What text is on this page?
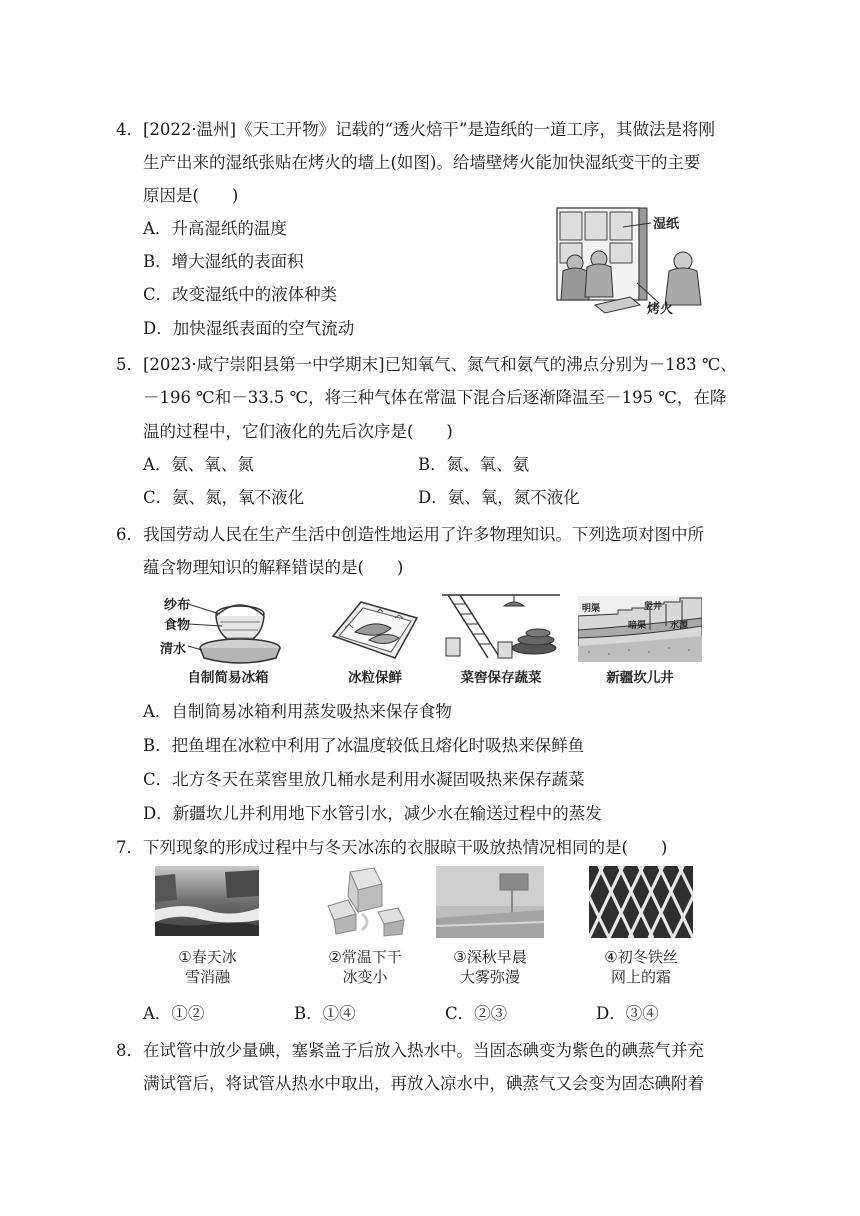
4．[2022·温州]《天工开物》记载的“透火焙干”是造纸的一道工序，其做法是将刚
生产出来的湿纸张贴在烤火的墙上(如图)。给墙壁烤火能加快湿纸变干的主要
原因是(　　)
A．升高湿纸的温度
B．增大湿纸的表面积
C．改变湿纸中的液体种类
D．加快湿纸表面的空气流动
湿纸
烤火
5．[2023·咸宁崇阳县第一中学期末]已知氧气、氮气和氨气的沸点分别为－183 ℃、
－196 ℃和－33.5 ℃，将三种气体在常温下混合后逐渐降温至－195 ℃，在降
温的过程中，它们液化的先后次序是(　　)
A．氨、氧、氮	B．氮、氧、氨
C．氨、氮，氧不液化	D．氨、氧，氮不液化
6．我国劳动人民在生产生活中创造性地运用了许多物理知识。下列选项对图中所
蕴含物理知识的解释错误的是(　　)
纱布
食物
清水
自制简易冰箱	冰粒保鲜	菜窖保存蔬菜
明渠	竖井
暗渠	水源
新疆坎儿井
A．自制简易冰箱利用蒸发吸热来保存食物
B．把鱼埋在冰粒中利用了冰温度较低且熔化时吸热来保鲜鱼
C．北方冬天在菜窖里放几桶水是利用水凝固吸热来保存蔬菜
D．新疆坎儿井利用地下水管引水，减少水在输送过程中的蒸发
7．下列现象的形成过程中与冬天冰冻的衣服晾干吸放热情况相同的是(　　)
①春天冰
雪消融
②常温下干
冰变小
③深秋早晨
大雾弥漫
④初冬铁丝
网上的霜
A．①②	B．①④	C．②③	D．③④
8．在试管中放少量碘，塞紧盖子后放入热水中。当固态碘变为紫色的碘蒸气并充
满试管后，将试管从热水中取出，再放入凉水中，碘蒸气又会变为固态碘附着
